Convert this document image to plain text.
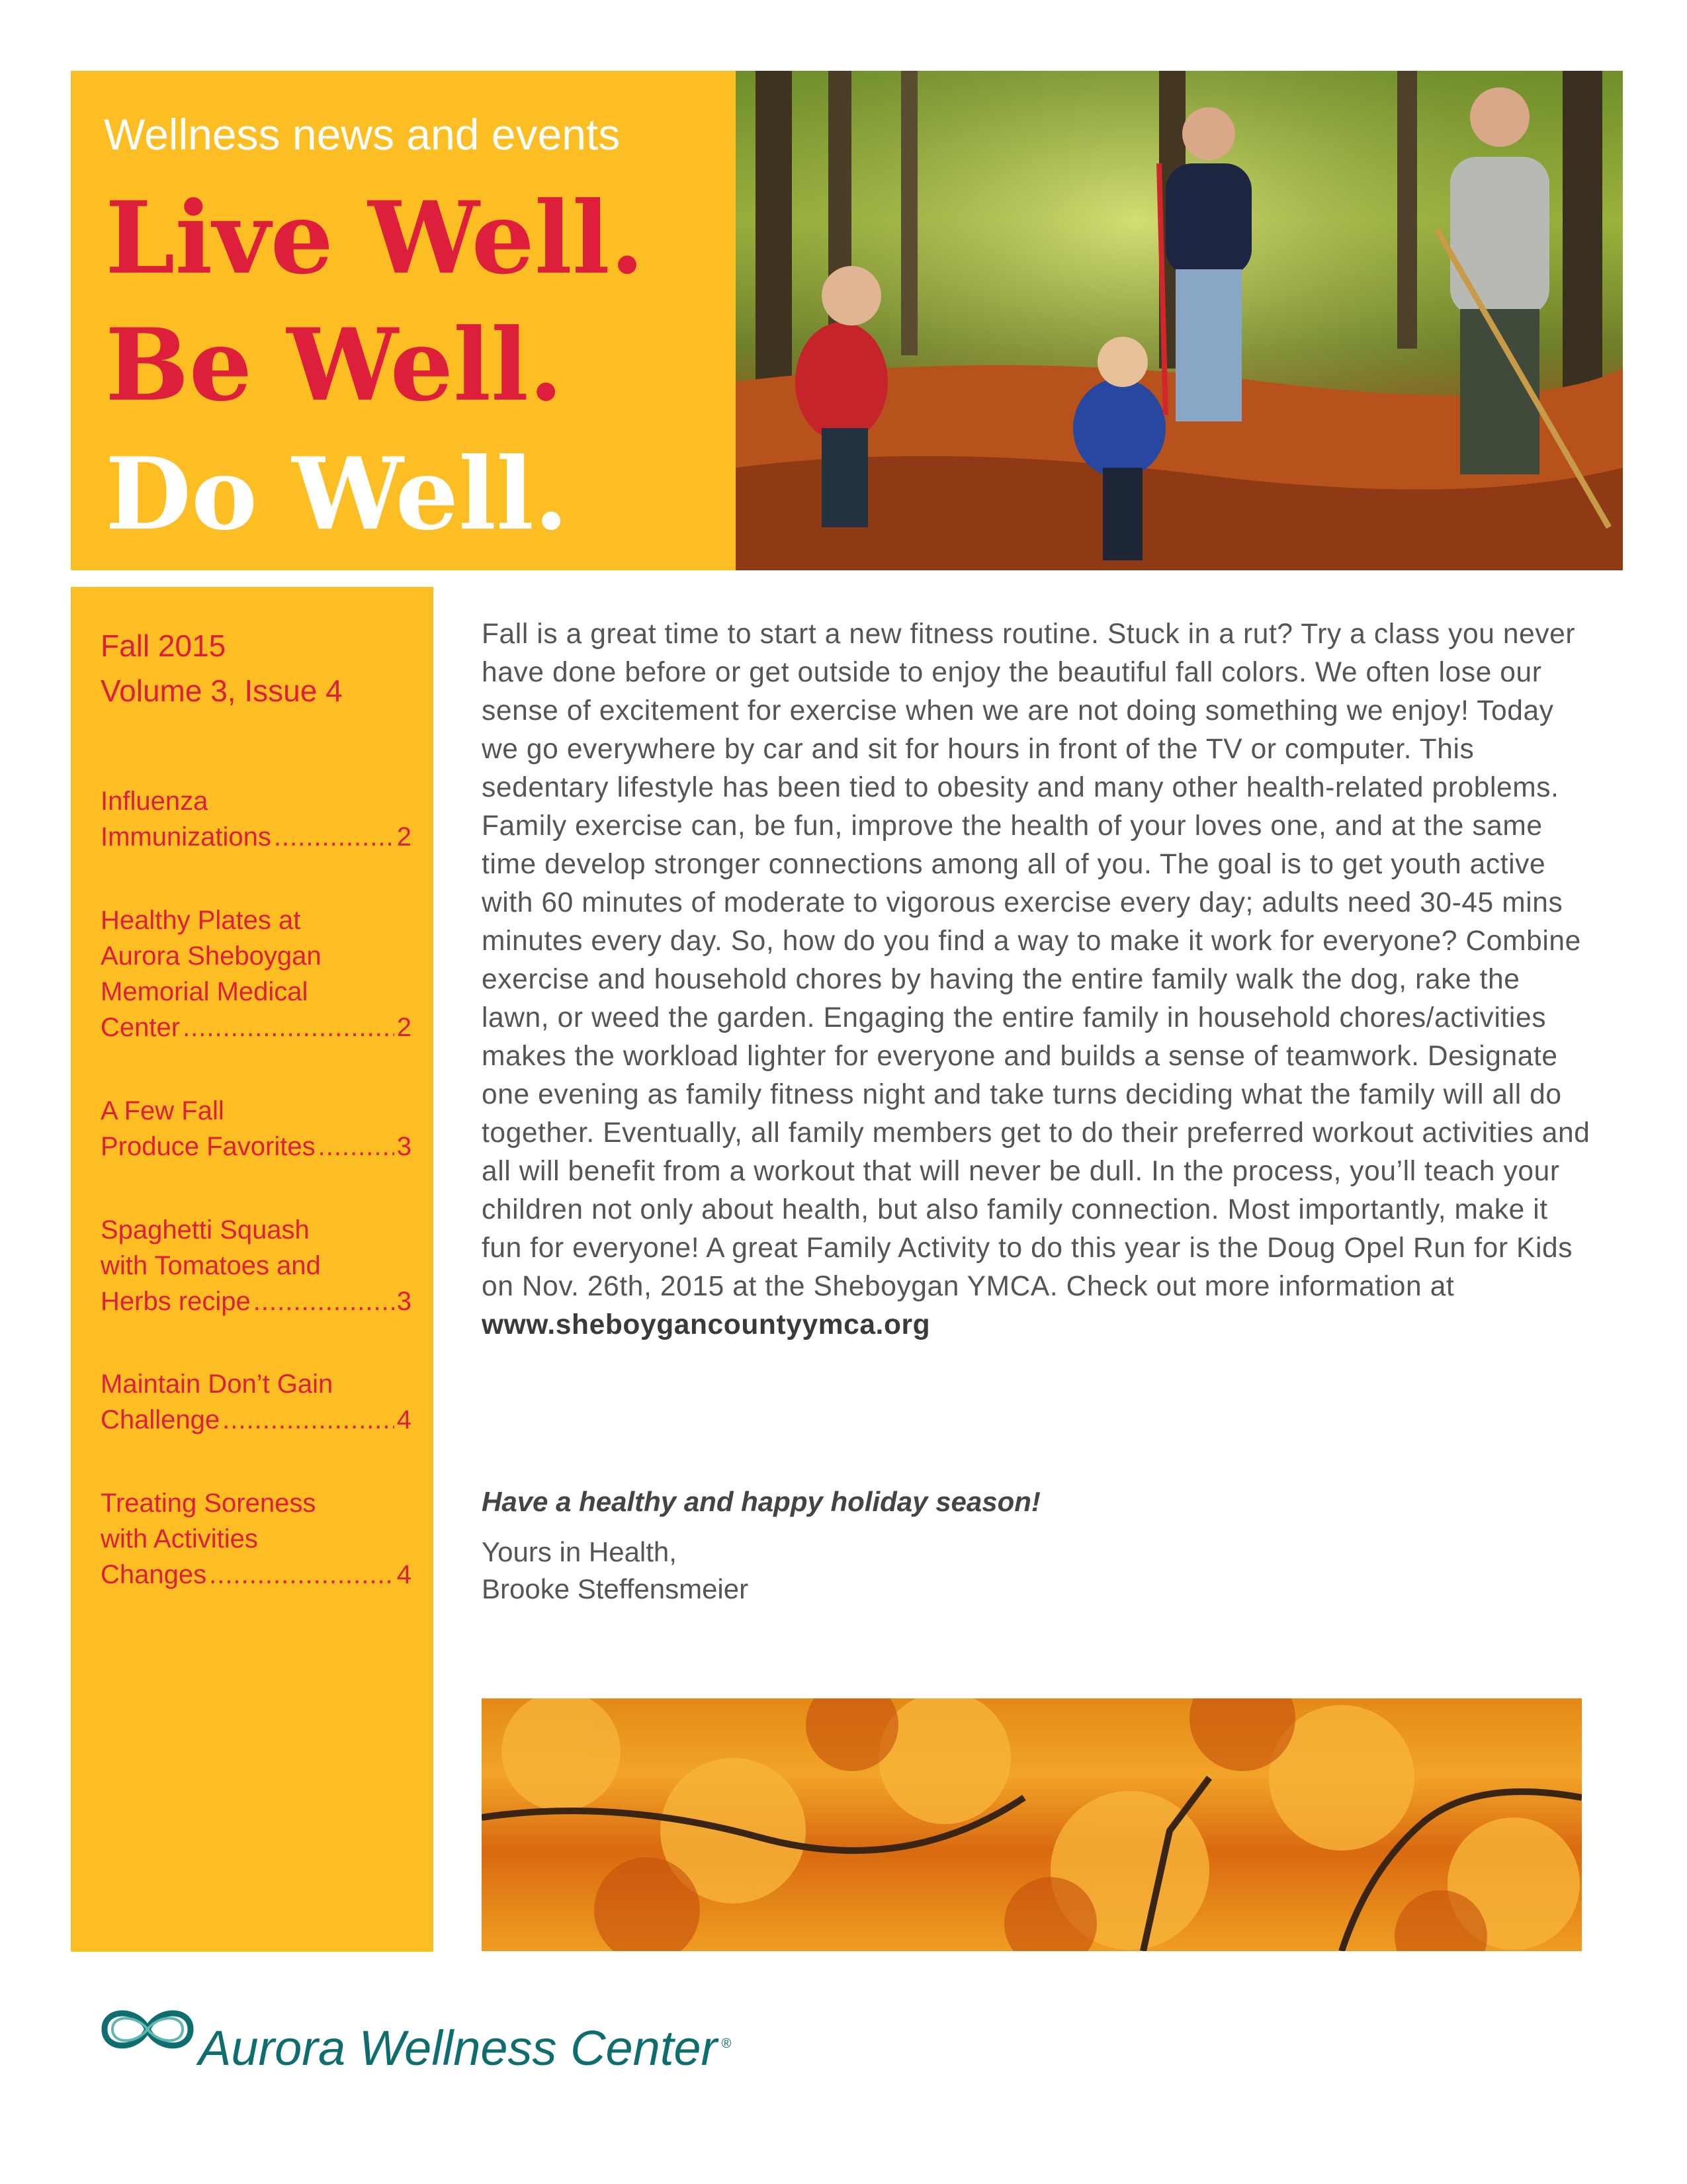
Wellness news and events

Live Well.
Be Well.
Do Well.

Fall 2015
Volume 3, Issue 4

Influenza
Immunizations .....	2
Healthy Plates at
Aurora Sheboygan
Memorial Medical
Center .....	2
A Few Fall
Produce Favorites .....	3
Spaghetti Squash
with Tomatoes and
Herbs recipe .....	3
Maintain Don’t Gain
Challenge .....	4
Treating Soreness
with Activities
Changes .....	4

Fall is a great time to start a new fitness routine. Stuck in a rut? Try a class you never have done before or get outside to enjoy the beautiful fall colors. We often lose our sense of excitement for exercise when we are not doing something we enjoy! Today we go everywhere by car and sit for hours in front of the TV or computer. This sedentary lifestyle has been tied to obesity and many other health-related problems. Family exercise can, be fun, improve the health of your loves one, and at the same time develop stronger connections among all of you. The goal is to get youth active with 60 minutes of moderate to vigorous exercise every day; adults need 30-45 mins minutes every day. So, how do you find a way to make it work for everyone? Combine exercise and household chores by having the entire family walk the dog, rake the lawn, or weed the garden. Engaging the entire family in household chores/activities makes the workload lighter for everyone and builds a sense of teamwork. Designate one evening as family fitness night and take turns deciding what the family will all do together. Eventually, all family members get to do their preferred workout activities and all will benefit from a workout that will never be dull. In the process, you’ll teach your children not only about health, but also family connection. Most importantly, make it fun for everyone! A great Family Activity to do this year is the Doug Opel Run for Kids on Nov. 26th, 2015 at the Sheboygan YMCA. Check out more information at www.sheboygancountyymca.org

Have a healthy and happy holiday season!

Yours in Health,
Brooke Steffensmeier

Aurora Wellness Center ®
